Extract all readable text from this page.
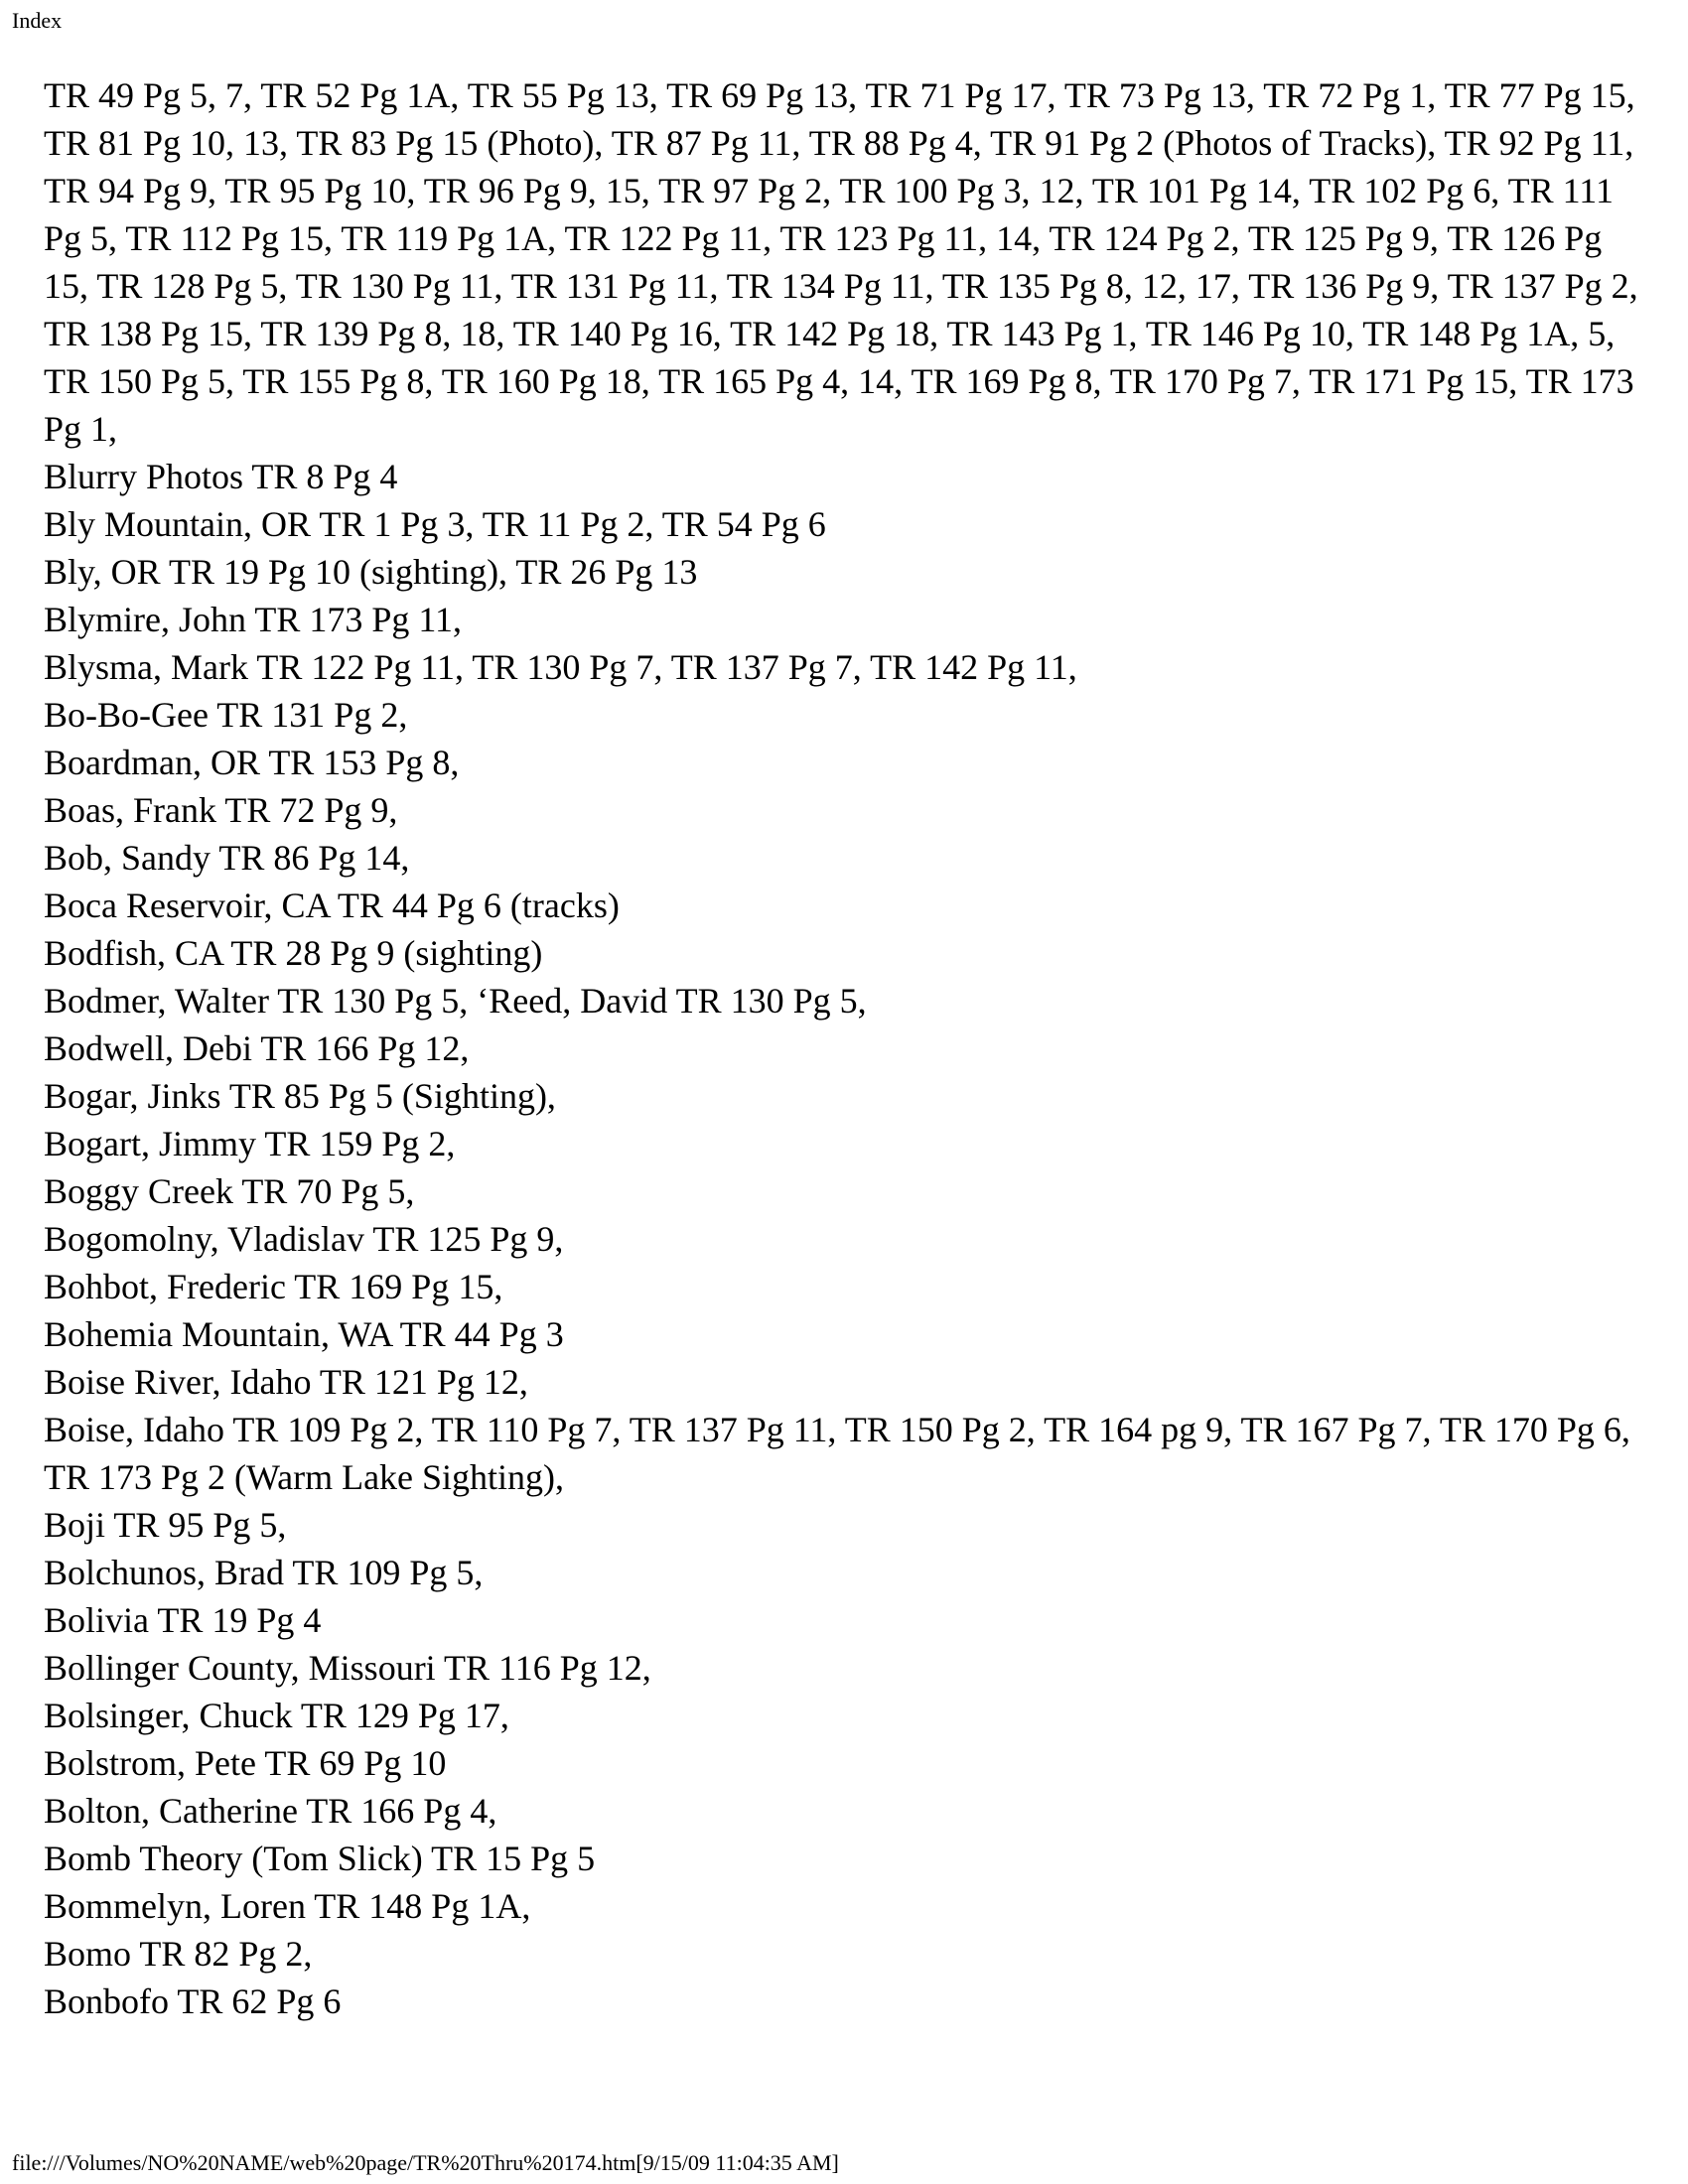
Index

TR 49 Pg 5, 7, TR 52 Pg 1A, TR 55 Pg 13, TR 69 Pg 13, TR 71 Pg 17, TR 73 Pg 13, TR 72 Pg 1, TR 77 Pg 15, TR 81 Pg 10, 13, TR 83 Pg 15 (Photo), TR 87 Pg 11, TR 88 Pg 4, TR 91 Pg 2 (Photos of Tracks), TR 92 Pg 11, TR 94 Pg 9, TR 95 Pg 10, TR 96 Pg 9, 15, TR 97 Pg 2, TR 100 Pg 3, 12, TR 101 Pg 14, TR 102 Pg 6, TR 111 Pg 5, TR 112 Pg 15, TR 119 Pg 1A, TR 122 Pg 11, TR 123 Pg 11, 14, TR 124 Pg 2, TR 125 Pg 9, TR 126 Pg 15, TR 128 Pg 5, TR 130 Pg 11, TR 131 Pg 11, TR 134 Pg 11, TR 135 Pg 8, 12, 17, TR 136 Pg 9, TR 137 Pg 2, TR 138 Pg 15, TR 139 Pg 8, 18, TR 140 Pg 16, TR 142 Pg 18, TR 143 Pg 1, TR 146 Pg 10, TR 148 Pg 1A, 5, TR 150 Pg 5, TR 155 Pg 8, TR 160 Pg 18, TR 165 Pg 4, 14, TR 169 Pg 8, TR 170 Pg 7, TR 171 Pg 15, TR 173 Pg 1,

Blurry Photos TR 8 Pg 4

Bly Mountain, OR TR 1 Pg 3, TR 11 Pg 2, TR 54 Pg 6

Bly, OR TR 19 Pg 10 (sighting), TR 26 Pg 13

Blymire, John TR 173 Pg 11,

Blysma, Mark TR 122 Pg 11, TR 130 Pg 7, TR 137 Pg 7, TR 142 Pg 11,

Bo-Bo-Gee TR 131 Pg 2,

Boardman, OR TR 153 Pg 8,

Boas, Frank TR 72 Pg 9,

Bob, Sandy TR 86 Pg 14,

Boca Reservoir, CA TR 44 Pg 6 (tracks)

Bodfish, CA TR 28 Pg 9 (sighting)

Bodmer, Walter TR 130 Pg 5, ‘Reed, David TR 130 Pg 5,

Bodwell, Debi TR 166 Pg 12,

Bogar, Jinks TR 85 Pg 5 (Sighting),

Bogart, Jimmy TR 159 Pg 2,

Boggy Creek TR 70 Pg 5,

Bogomolny, Vladislav TR 125 Pg 9,

Bohbot, Frederic TR 169 Pg 15,

Bohemia Mountain, WA TR 44 Pg 3

Boise River, Idaho TR 121 Pg 12,

Boise, Idaho TR 109 Pg 2, TR 110 Pg 7, TR 137 Pg 11, TR 150 Pg 2, TR 164 pg 9, TR 167 Pg 7, TR 170 Pg 6, TR 173 Pg 2 (Warm Lake Sighting),

Boji TR 95 Pg 5,

Bolchunos, Brad TR 109 Pg 5,

Bolivia TR 19 Pg 4

Bollinger County, Missouri TR 116 Pg 12,

Bolsinger, Chuck TR 129 Pg 17,

Bolstrom, Pete TR 69 Pg 10

Bolton, Catherine TR 166 Pg 4,

Bomb Theory (Tom Slick) TR 15 Pg 5

Bommelyn, Loren TR 148 Pg 1A,

Bomo TR 82 Pg 2,

Bonbofo TR 62 Pg 6

file:///Volumes/NO%20NAME/web%20page/TR%20Thru%20174.htm[9/15/09 11:04:35 AM]
